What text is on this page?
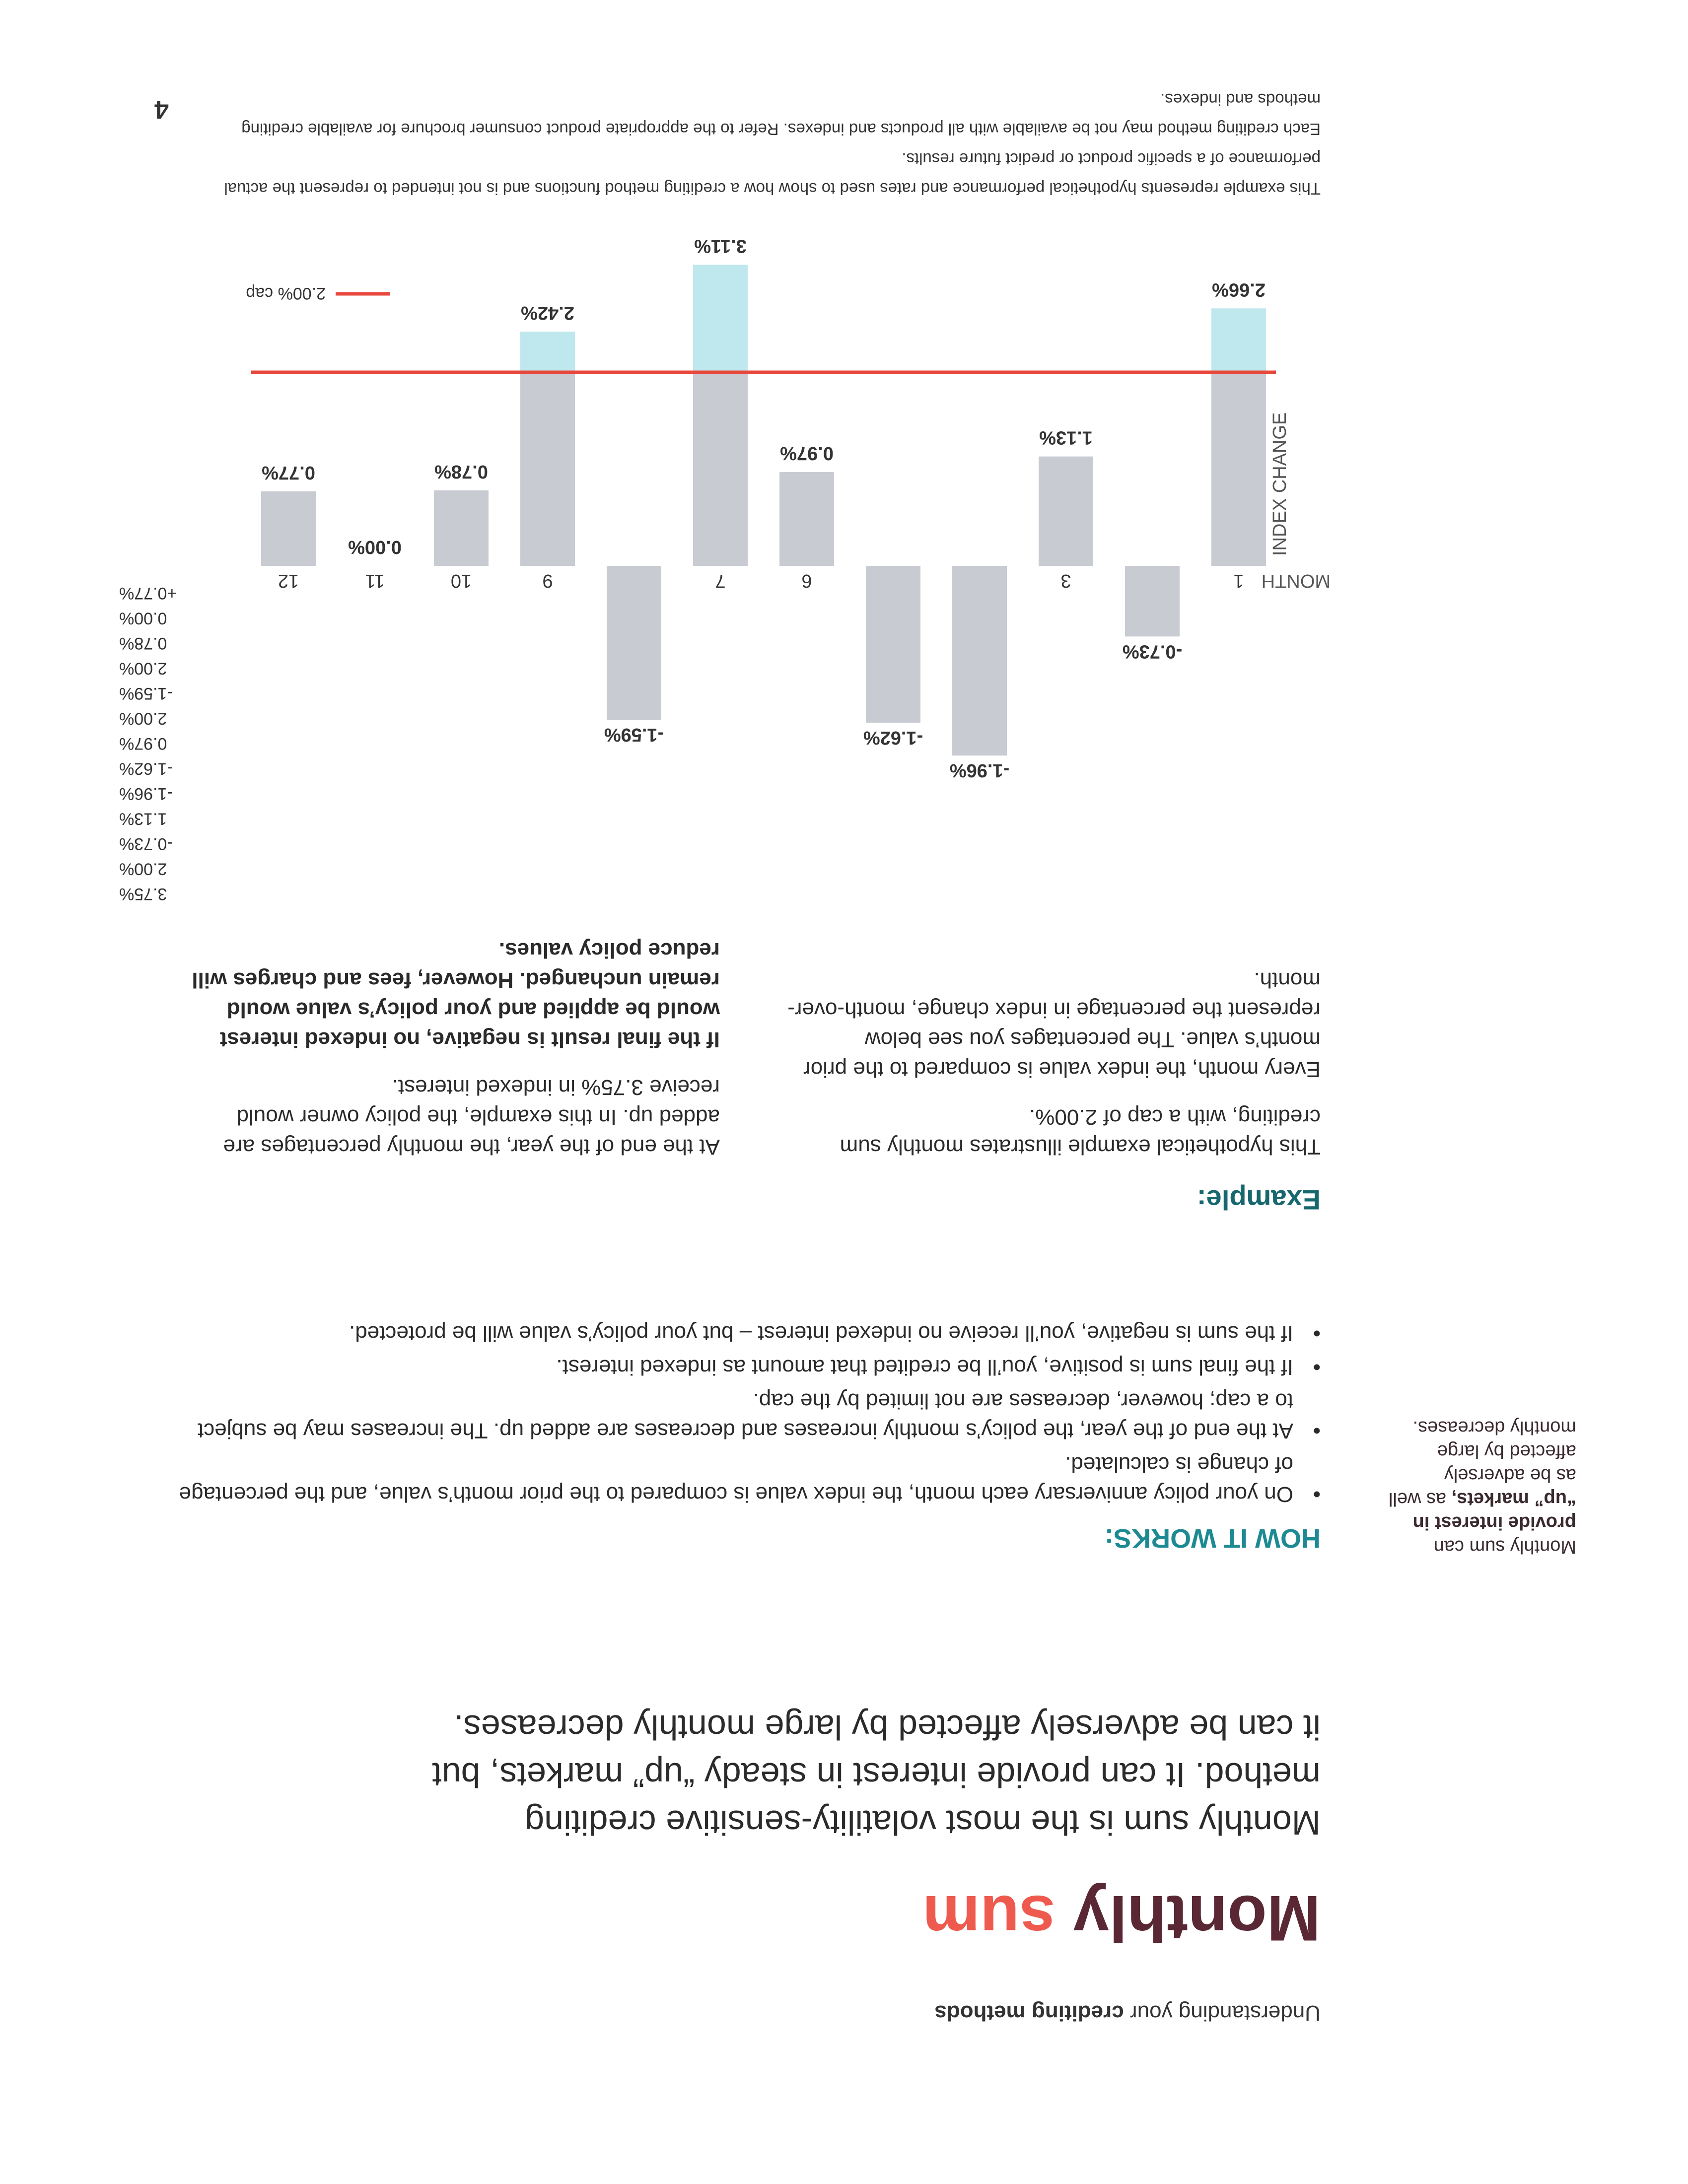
Understanding your crediting methods
Monthly sum
Monthly sum is the most volatility-sensitive crediting method. It can provide interest in steady “up” markets, but it can be adversely affected by large monthly decreases.
Monthly sum can provide interest in “up” markets, as well as be adversely affected by large monthly decreases.
HOW IT WORKS:
• On your policy anniversary each month, the index value is compared to the prior month’s value, and the percentage of change is calculated.
• At the end of the year, the policy’s monthly increases and decreases are added up. The increases may be subject to a cap; however, decreases are not limited by the cap.
• If the final sum is positive, you’ll be credited that amount as indexed interest.
• If the sum is negative, you’ll receive no indexed interest – but your policy’s value will be protected.
Example:

This hypothetical example illustrates monthly sum crediting, with a cap of 2.00%.

Every month, the index value is compared to the prior month’s value. The percentages you see below represent the percentage in index change, month-over-month.

At the end of the year, the monthly percentages are added up. In this example, the policy owner would receive 3.75% in indexed interest.

If the final result is negative, no indexed interest would be applied and your policy’s value would remain unchanged. However, fees and charges will reduce policy values.

MONTH
INDEX CHANGE
1
2.66%
-0.73%
3
1.13%
-1.96%
-1.62%
6
0.97%
7
3.11%
-1.59%
9
2.42%
10
0.78%
11
0.00%
12
0.77%
2.00% cap
3.75%
2.00%
-0.73%
1.13%
-1.96%
-1.62%
0.97%
2.00%
-1.59%
2.00%
0.78%
0.00%
+0.77%
This example represents hypothetical performance and rates used to show how a crediting method functions and is not intended to represent the actual performance of a specific product or predict future results.
Each crediting method may not be available with all products and indexes. Refer to the appropriate product consumer brochure for available crediting methods and indexes.
4
